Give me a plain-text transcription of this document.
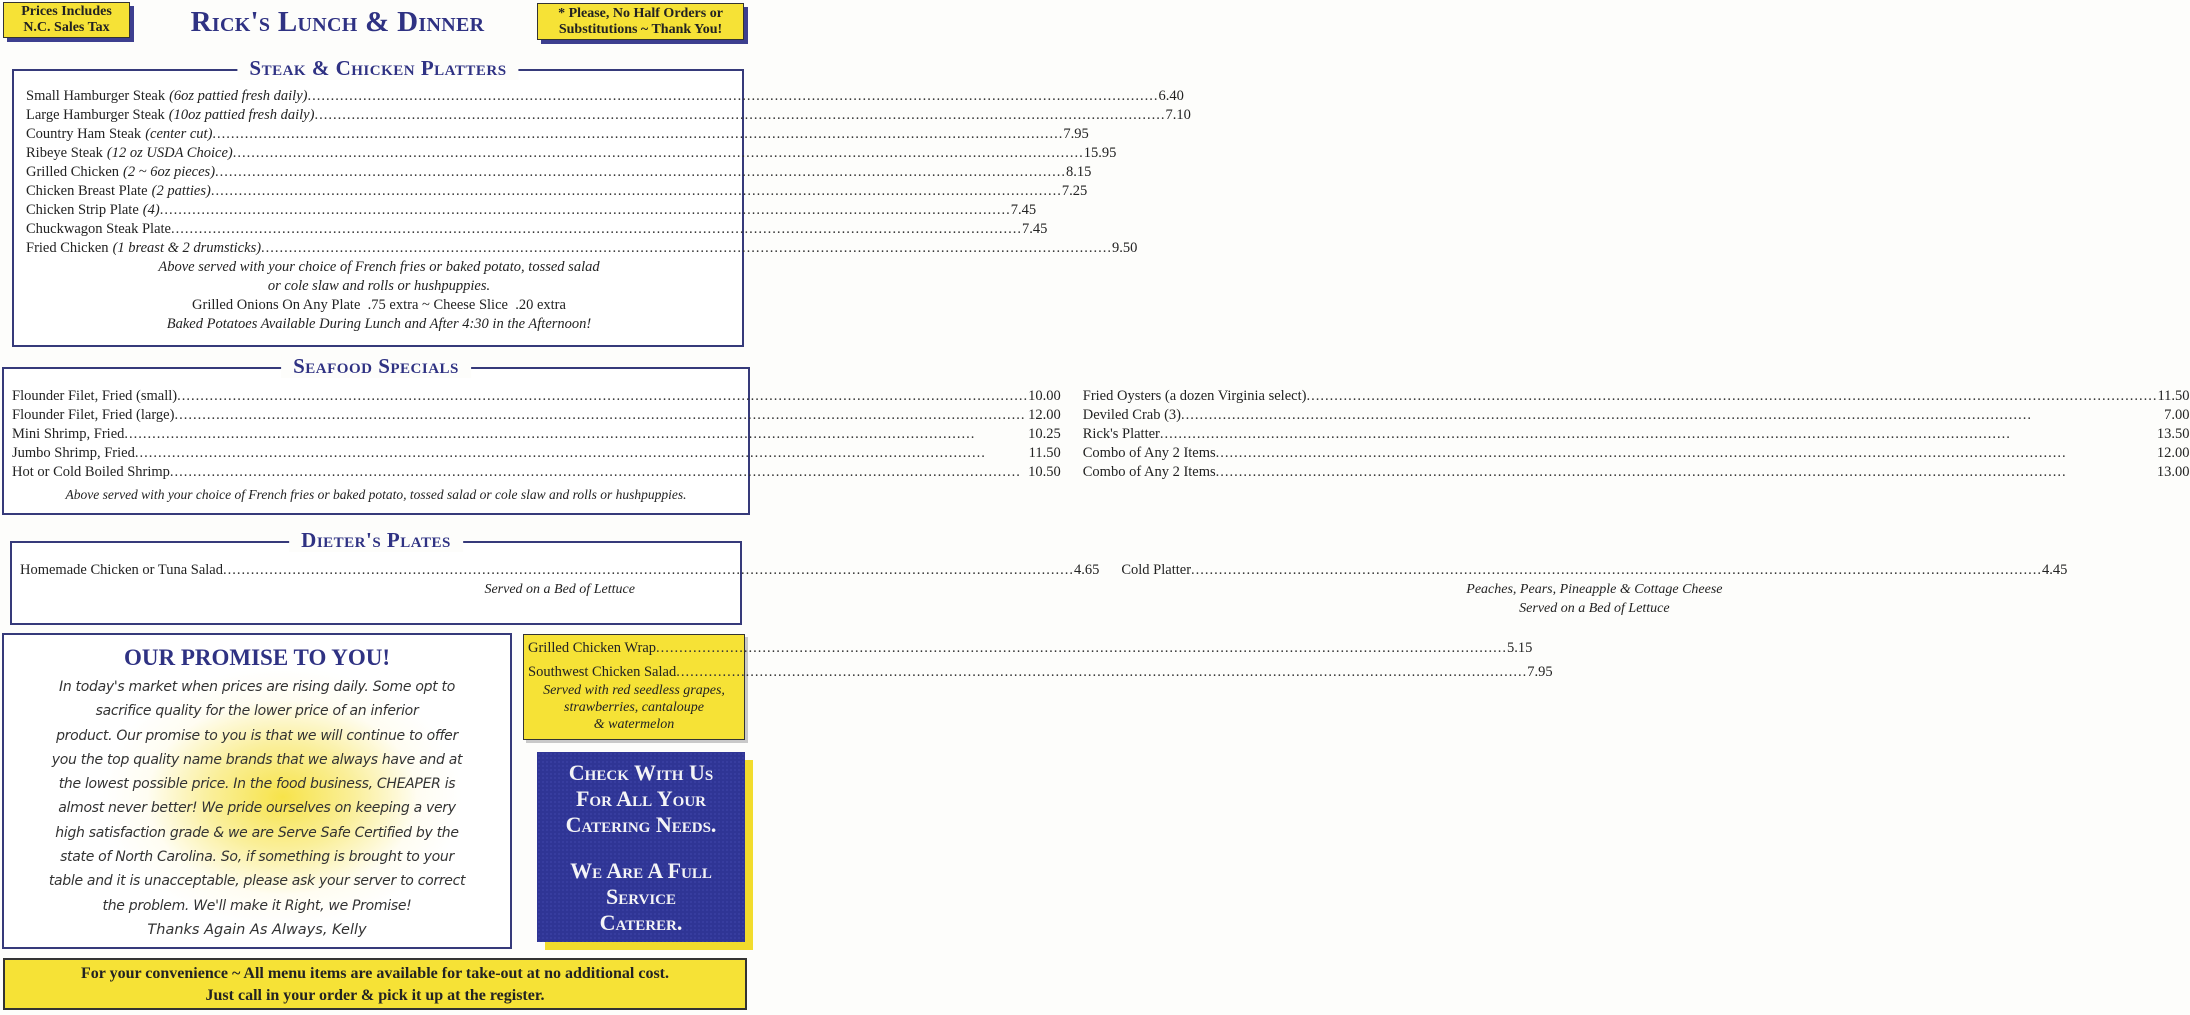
Prices Includes
N.C. Sales Tax	Rick's Lunch & Dinner	* Please, No Half Orders or
Substitutions ~ Thank You!
Steak & Chicken Platters
Small Hamburger Steak (6oz pattied fresh daily) .....	6.40
Large Hamburger Steak (10oz pattied fresh daily) .....	7.10
Country Ham Steak (center cut) .....	7.95
Ribeye Steak (12 oz USDA Choice) .....	15.95
Grilled Chicken (2 ~ 6oz pieces) .....	8.15
Chicken Breast Plate (2 patties) .....	7.25
Chicken Strip Plate (4) .....	7.45
Chuckwagon Steak Plate .....	7.45
Fried Chicken (1 breast & 2 drumsticks) .....	9.50
Above served with your choice of French fries or baked potato, tossed salad
or cole slaw and rolls or hushpuppies.
Grilled Onions On Any Plate  .75 extra ~ Cheese Slice  .20 extra
Baked Potatoes Available During Lunch and After 4:30 in the Afternoon!
Seafood Specials
Flounder Filet, Fried (small) .....	10.00
Flounder Filet, Fried (large) .....	12.00
Mini Shrimp, Fried .....	10.25
Jumbo Shrimp, Fried .....	11.50
Hot or Cold Boiled Shrimp .....	10.50
Fried Oysters (a dozen Virginia select) .....	11.50
Deviled Crab (3) .....	7.00
Rick's Platter .....	13.50
Combo of Any 2 Items .....	12.00
Combo of Any 2 Items .....	13.00
Above served with your choice of French fries or baked potato, tossed salad or cole slaw and rolls or hushpuppies.
Dieter's Plates
Homemade Chicken or Tuna Salad .....	4.65
Served on a Bed of Lettuce
Cold Platter .....	4.45
Peaches, Pears, Pineapple & Cottage Cheese
Served on a Bed of Lettuce
OUR PROMISE TO YOU!
In today's market when prices are rising daily. Some opt to
sacrifice quality for the lower price of an inferior
product. Our promise to you is that we will continue to offer
you the top quality name brands that we always have and at
the lowest possible price. In the food business, CHEAPER is
almost never better! We pride ourselves on keeping a very
high satisfaction grade & we are Serve Safe Certified by the
state of North Carolina. So, if something is brought to your
table and it is unacceptable, please ask your server to correct
the problem. We'll make it Right, we Promise!
Thanks Again As Always, Kelly
Grilled Chicken Wrap .....	5.15
Southwest Chicken Salad .....	7.95
Served with red seedless grapes,
strawberries, cantaloupe
& watermelon
Check With Us
For All Your
Catering Needs.
We Are A Full
Service
Caterer.
For your convenience ~ All menu items are available for take-out at no additional cost.
Just call in your order & pick it up at the register.
